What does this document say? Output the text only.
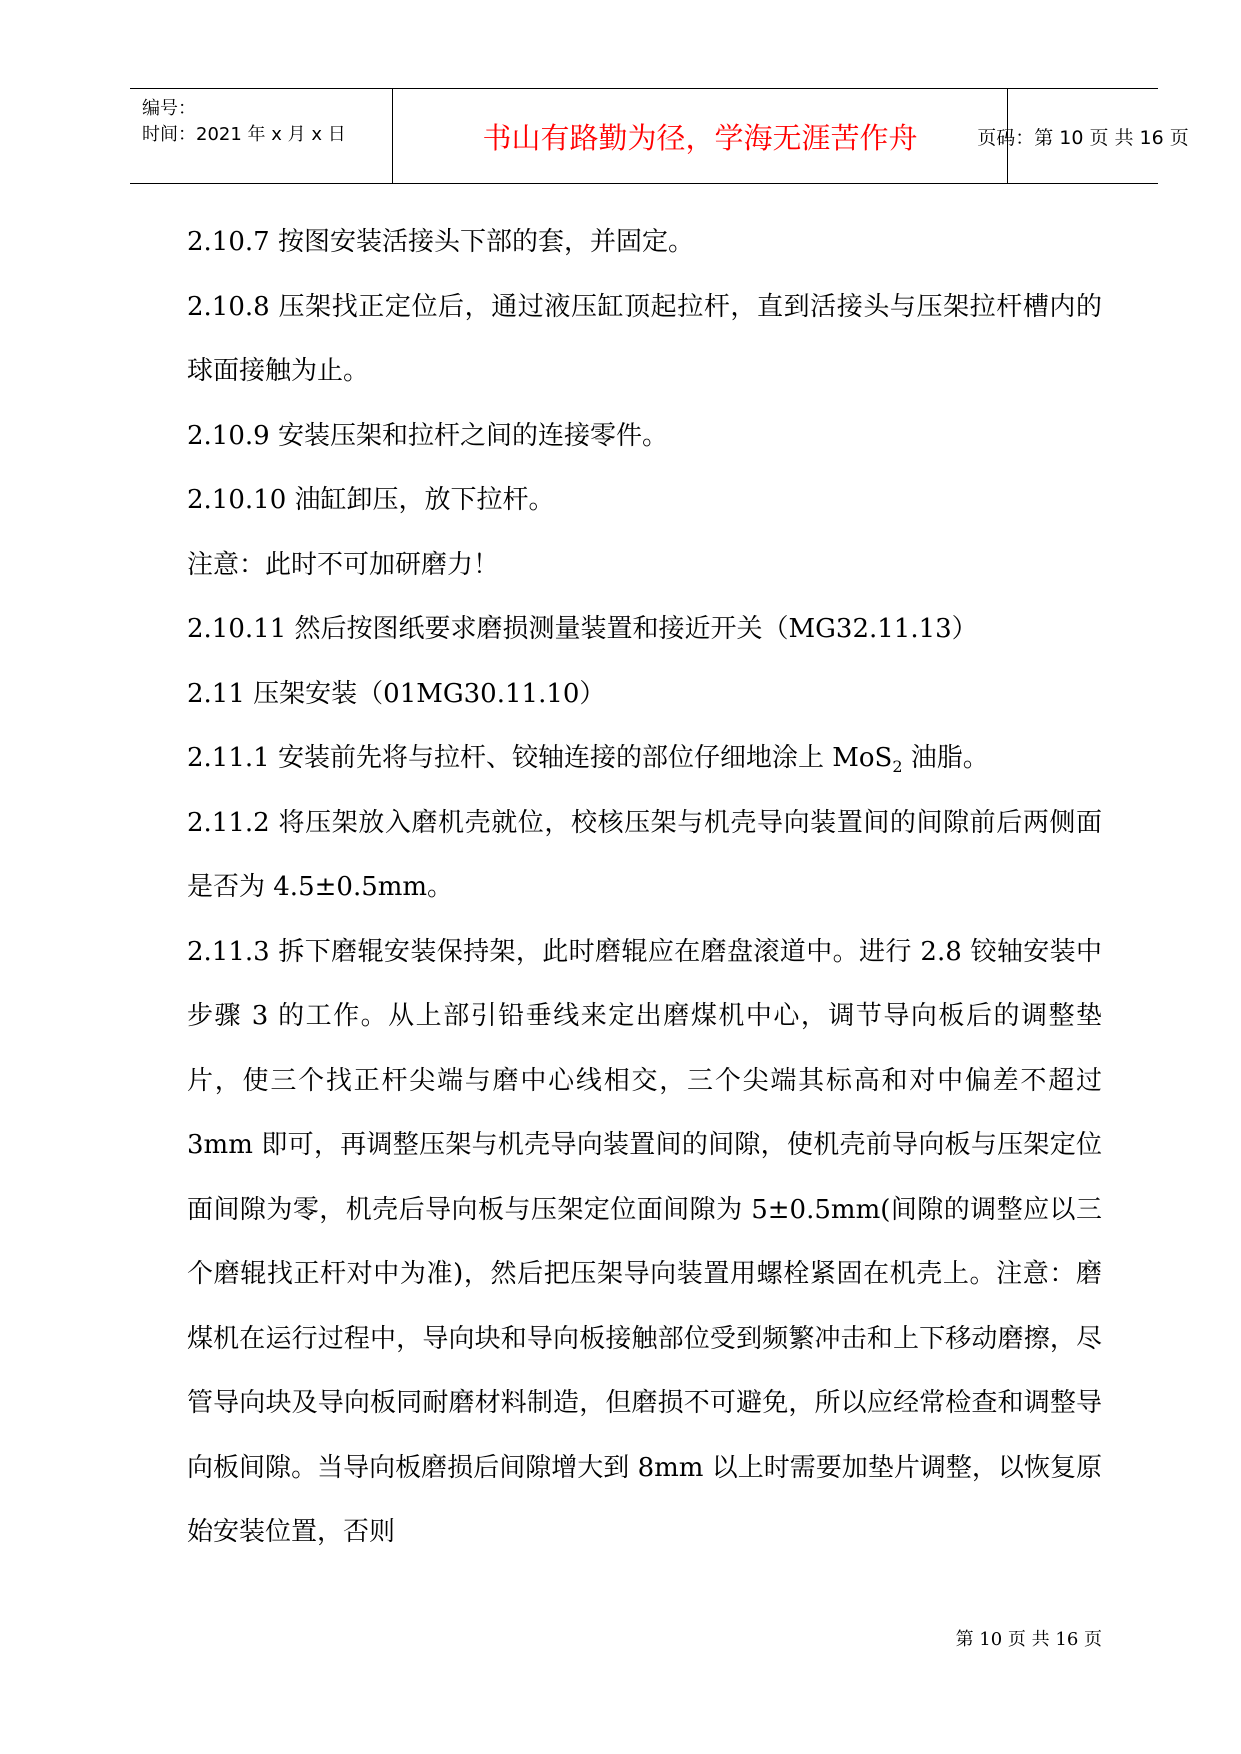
编号：
时间：2021 年 x 月 x 日	书山有路勤为径，学海无涯苦作舟	页码：第 10 页 共 16 页

2.10.7 按图安装活接头下部的套，并固定。

2.10.8 压架找正定位后，通过液压缸顶起拉杆，直到活接头与压架拉杆槽内的球面接触为止。

2.10.9 安装压架和拉杆之间的连接零件。

2.10.10 油缸卸压，放下拉杆。

注意：此时不可加研磨力！

2.10.11 然后按图纸要求磨损测量装置和接近开关（MG32.11.13）

2.11 压架安装（01MG30.11.10）

2.11.1 安装前先将与拉杆、铰轴连接的部位仔细地涂上 MoS$_2$ 油脂。

2.11.2 将压架放入磨机壳就位，校核压架与机壳导向装置间的间隙前后两侧面是否为 4.5±0.5mm。

2.11.3 拆下磨辊安装保持架，此时磨辊应在磨盘滚道中。进行 2.8 铰轴安装中步骤 3 的工作。从上部引铅垂线来定出磨煤机中心，调节导向板后的调整垫片，使三个找正杆尖端与磨中心线相交，三个尖端其标高和对中偏差不超过 3mm 即可，再调整压架与机壳导向装置间的间隙，使机壳前导向板与压架定位面间隙为零，机壳后导向板与压架定位面间隙为 5±0.5mm(间隙的调整应以三个磨辊找正杆对中为准)，然后把压架导向装置用螺栓紧固在机壳上。注意：磨煤机在运行过程中，导向块和导向板接触部位受到频繁冲击和上下移动磨擦，尽管导向块及导向板同耐磨材料制造，但磨损不可避免，所以应经常检查和调整导向板间隙。当导向板磨损后间隙增大到 8mm 以上时需要加垫片调整，以恢复原始安装位置，否则

第 10 页 共 16 页
